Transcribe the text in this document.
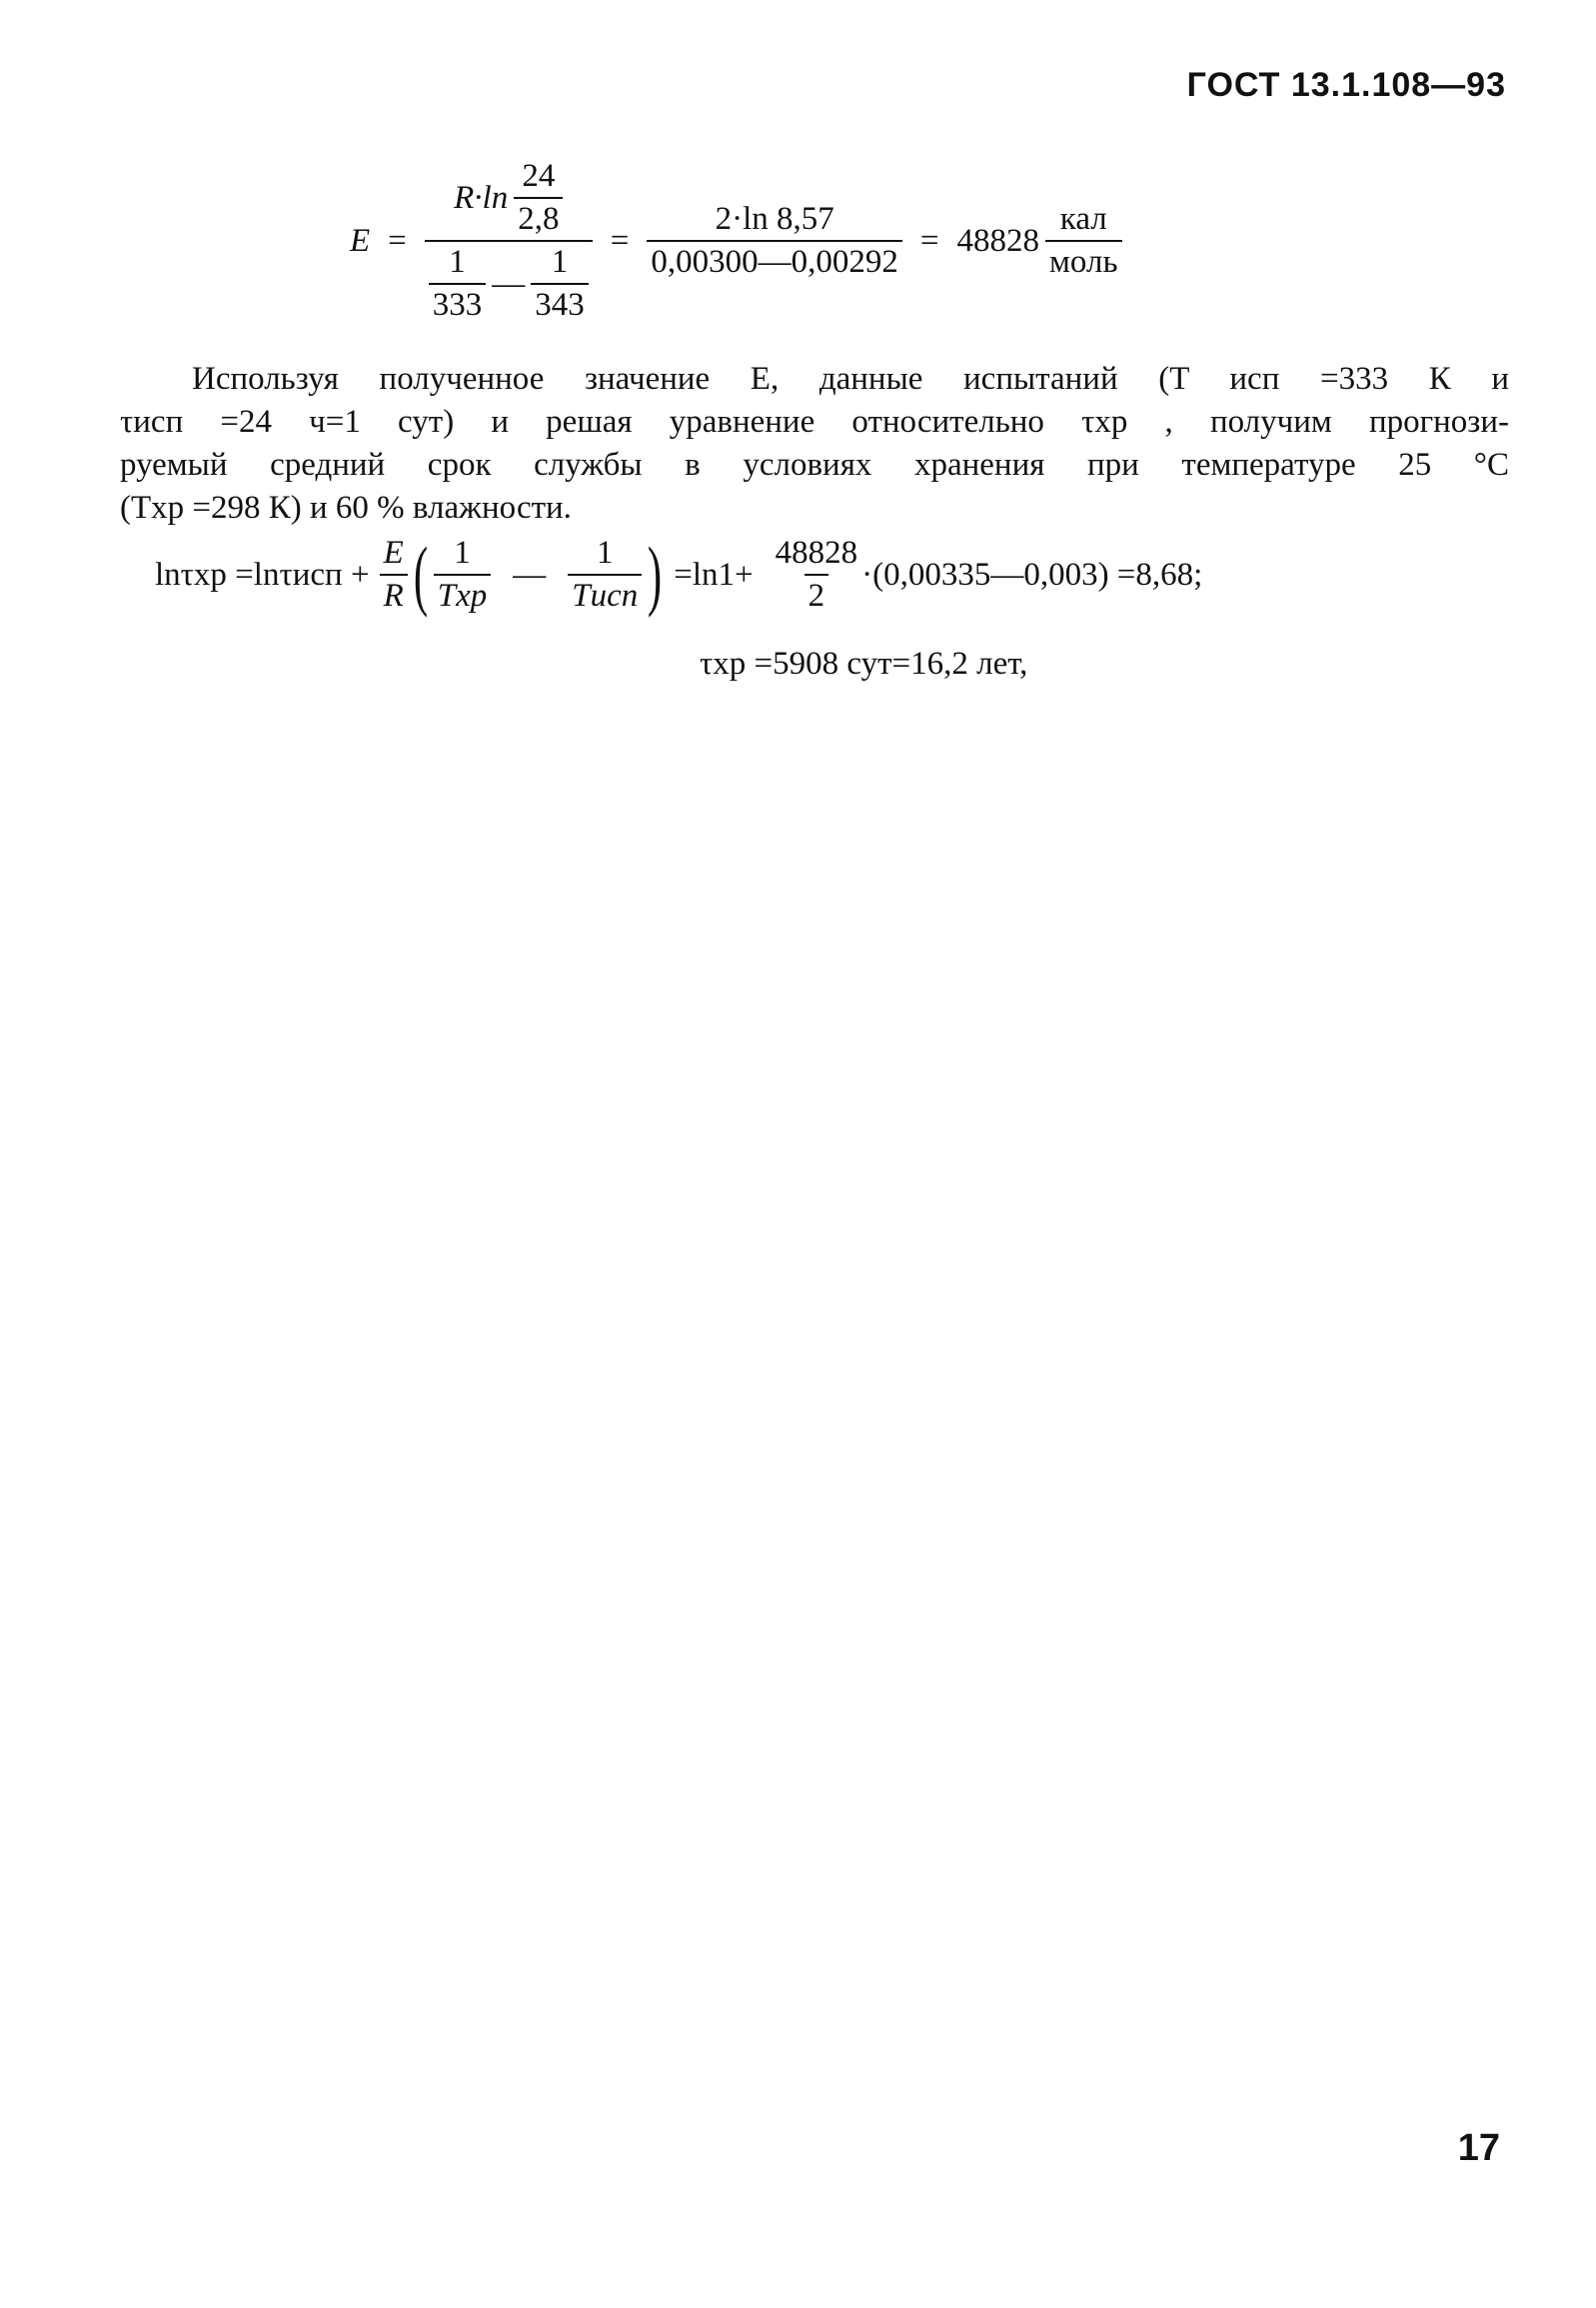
ГОСТ 13.1.108—93
$E = \frac{R\cdot\ln \frac{24}{2,8}}{\frac{1}{333} — \frac{1}{343}} = \frac{2\cdot\ln 8,57}{0,00300—0,00292} = 48828 \frac{\text{кал}}{\text{моль}}$

Используя полученное значение E, данные испытаний (T исп =333 К и

τисп =24 ч=1 сут) и решая уравнение относительно τхр , получим прогнози-

руемый средний срок службы в условиях хранения при температуре 25 °С

(Tхр =298 К) и 60 % влажности.

$\ln\tau хр =\ln\tau исп + \frac{E}{R}$ ( $\frac{1}{\text{Tхр}}$ — $\frac{1}{\text{Tисп}}$ ) $=\ln 1+ \frac{48828}{2}$ ·(0,00335—0,003) =8,68;
τхр =5908 сут=16,2 лет,
17
